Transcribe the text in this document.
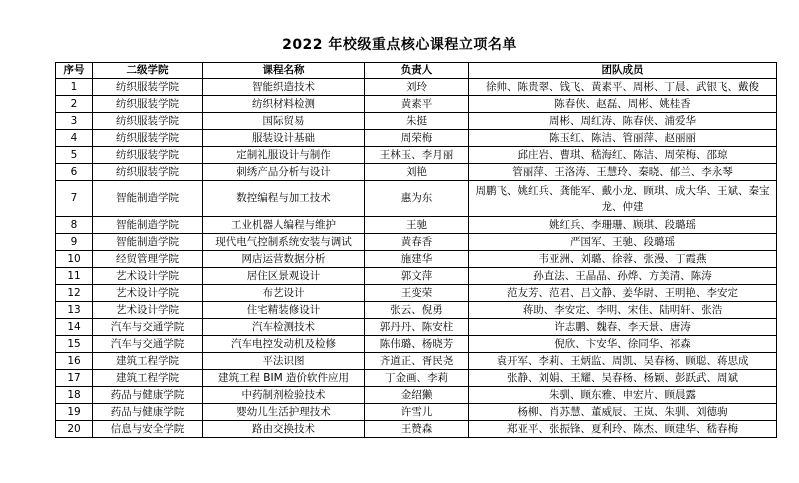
2022 年校级重点核心课程立项名单
序号	二级学院	课程名称	负责人	团队成员
1	纺织服装学院	智能织造技术	刘玲	徐帅、陈贵翠、钱飞、黄素平、周彬、丁晨、武银飞、戴俊
2	纺织服装学院	纺织材料检测	黄素平	陈春侠、赵磊、周彬、姚桂香
3	纺织服装学院	国际贸易	朱挺	周彬、周红涛、陈春侠、浦爱华
4	纺织服装学院	服装设计基础	周荣梅	陈玉红、陈洁、管丽萍、赵丽丽
5	纺织服装学院	定制礼服设计与制作	王林玉、李月丽	邱庄岩、曹琪、嵇海红、陈洁、周荣梅、邵琼
6	纺织服装学院	刺绣产品分析与设计	刘艳	管丽萍、王洛涛、王慧玲、秦晓、郁兰、李永琴
7	智能制造学院	数控编程与加工技术	惠为东	周鹏飞、姚红兵、龚能军、戴小龙、顾琪、成大华、王斌、秦宝龙、仲建
8	智能制造学院	工业机器人编程与维护	王驰	姚红兵、李珊珊、顾琪、段璐瑶
9	智能制造学院	现代电气控制系统安装与调试	黄春香	严国军、王驰、段璐瑶
10	经贸管理学院	网店运营数据分析	施建华	韦亚洲、刘璐、徐蓉、张漫、丁霞燕
11	艺术设计学院	居住区景观设计	郭文萍	孙直法、王晶晶、孙烨、方美清、陈涛
12	艺术设计学院	布艺设计	王变荣	范友芳、范君、吕文静、姜华尉、王明艳、李安定
13	艺术设计学院	住宅精装修设计	张云、倪勇	蒋助、李安定、李明、宋佳、陆明轩、张浩
14	汽车与交通学院	汽车检测技术	郭丹丹、陈安柱	许志鹏、魏春、李天景、唐涛
15	汽车与交通学院	汽车电控发动机及检修	陈伟璐、杨晓芳	倪欣、卞安华、徐同华、祁森
16	建筑工程学院	平法识图	齐道正、胥民尧	袁开军、李莉、王炳监、周凯、吴春杨、顾聪、蒋思成
17	建筑工程学院	建筑工程 BIM 造价软件应用	丁金画、李莉	张静、刘娟、王耀、吴春杨、杨颖、彭跃武、周斌
18	药品与健康学院	中药制剂检验技术	金绍獭	朱驯、顾东雅、申宏片、顾晨露
19	药品与健康学院	婴幼儿生活护理技术	许雪儿	杨柳、肖苏慧、董威辰、王岚、朱驯、刘德驹
20	信息与安全学院	路由交换技术	王赞森	郑亚平、张振锋、夏利玲、陈杰、顾建华、嵇春梅
